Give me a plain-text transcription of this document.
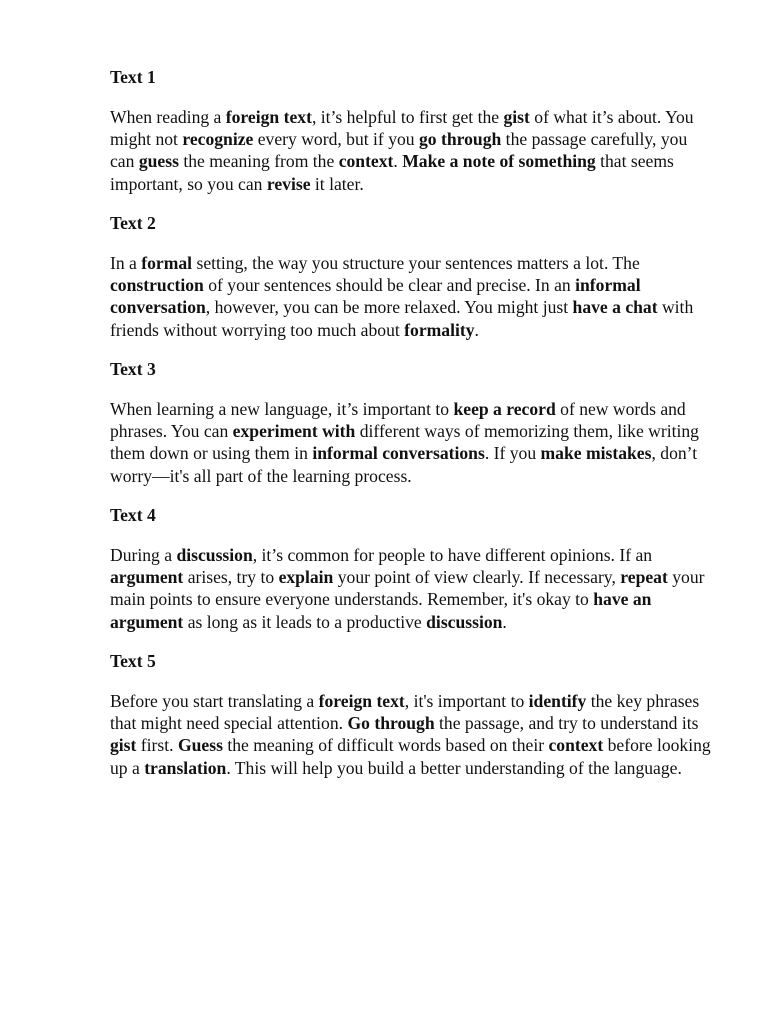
Text 1

When reading a foreign text, it’s helpful to first get the gist of what it’s about. You might not recognize every word, but if you go through the passage carefully, you can guess the meaning from the context. Make a note of something that seems important, so you can revise it later.

Text 2

In a formal setting, the way you structure your sentences matters a lot. The construction of your sentences should be clear and precise. In an informal conversation, however, you can be more relaxed. You might just have a chat with friends without worrying too much about formality.

Text 3

When learning a new language, it’s important to keep a record of new words and phrases. You can experiment with different ways of memorizing them, like writing them down or using them in informal conversations. If you make mistakes, don’t worry—it's all part of the learning process.

Text 4

During a discussion, it’s common for people to have different opinions. If an argument arises, try to explain your point of view clearly. If necessary, repeat your main points to ensure everyone understands. Remember, it's okay to have an argument as long as it leads to a productive discussion.

Text 5

Before you start translating a foreign text, it's important to identify the key phrases that might need special attention. Go through the passage, and try to understand its gist first. Guess the meaning of difficult words based on their context before looking up a translation. This will help you build a better understanding of the language.
